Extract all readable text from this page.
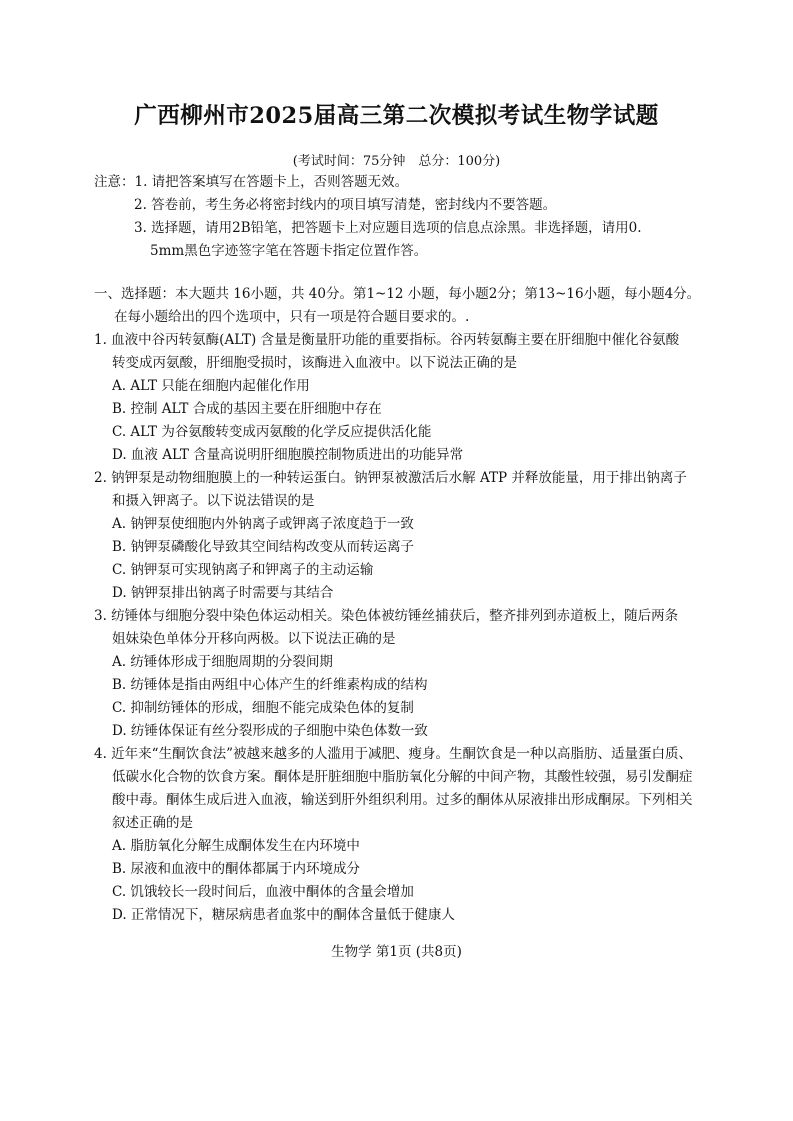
广西柳州市2025届高三第二次模拟考试生物学试题
(考试时间：75分钟　总分：100分)
注意：1. 请把答案填写在答题卡上，否则答题无效。
2. 答卷前，考生务必将密封线内的项目填写清楚，密封线内不要答题。
3. 选择题，请用2B铅笔，把答题卡上对应题目选项的信息点涂黑。非选择题，请用0.
5mm黑色字迹签字笔在答题卡指定位置作答。
一、选择题：本大题共 16小题，共 40分。第1~12 小题，每小题2分；第13~16小题，每小题4分。
在每小题给出的四个选项中，只有一项是符合题目要求的。.
1. 血液中谷丙转氨酶(ALT) 含量是衡量肝功能的重要指标。谷丙转氨酶主要在肝细胞中催化谷氨酸
转变成丙氨酸，肝细胞受损时，该酶进入血液中。以下说法正确的是
A. ALT 只能在细胞内起催化作用
B. 控制 ALT 合成的基因主要在肝细胞中存在
C. ALT 为谷氨酸转变成丙氨酸的化学反应提供活化能
D. 血液 ALT 含量高说明肝细胞膜控制物质进出的功能异常
2. 钠钾泵是动物细胞膜上的一种转运蛋白。钠钾泵被激活后水解 ATP 并释放能量，用于排出钠离子
和摄入钾离子。以下说法错误的是
A. 钠钾泵使细胞内外钠离子或钾离子浓度趋于一致
B. 钠钾泵磷酸化导致其空间结构改变从而转运离子
C. 钠钾泵可实现钠离子和钾离子的主动运输
D. 钠钾泵排出钠离子时需要与其结合
3. 纺锤体与细胞分裂中染色体运动相关。染色体被纺锤丝捕获后，整齐排列到赤道板上，随后两条
姐妹染色单体分开移向两极。以下说法正确的是
A. 纺锤体形成于细胞周期的分裂间期
B. 纺锤体是指由两组中心体产生的纤维素构成的结构
C. 抑制纺锤体的形成，细胞不能完成染色体的复制
D. 纺锤体保证有丝分裂形成的子细胞中染色体数一致
4. 近年来“生酮饮食法”被越来越多的人滥用于减肥、瘦身。生酮饮食是一种以高脂肪、适量蛋白质、
低碳水化合物的饮食方案。酮体是肝脏细胞中脂肪氧化分解的中间产物，其酸性较强，易引发酮症
酸中毒。酮体生成后进入血液，输送到肝外组织利用。过多的酮体从尿液排出形成酮尿。下列相关
叙述正确的是
A. 脂肪氧化分解生成酮体发生在内环境中
B. 尿液和血液中的酮体都属于内环境成分
C. 饥饿较长一段时间后，血液中酮体的含量会增加
D. 正常情况下，糖尿病患者血浆中的酮体含量低于健康人
生物学 第1页 (共8页)
